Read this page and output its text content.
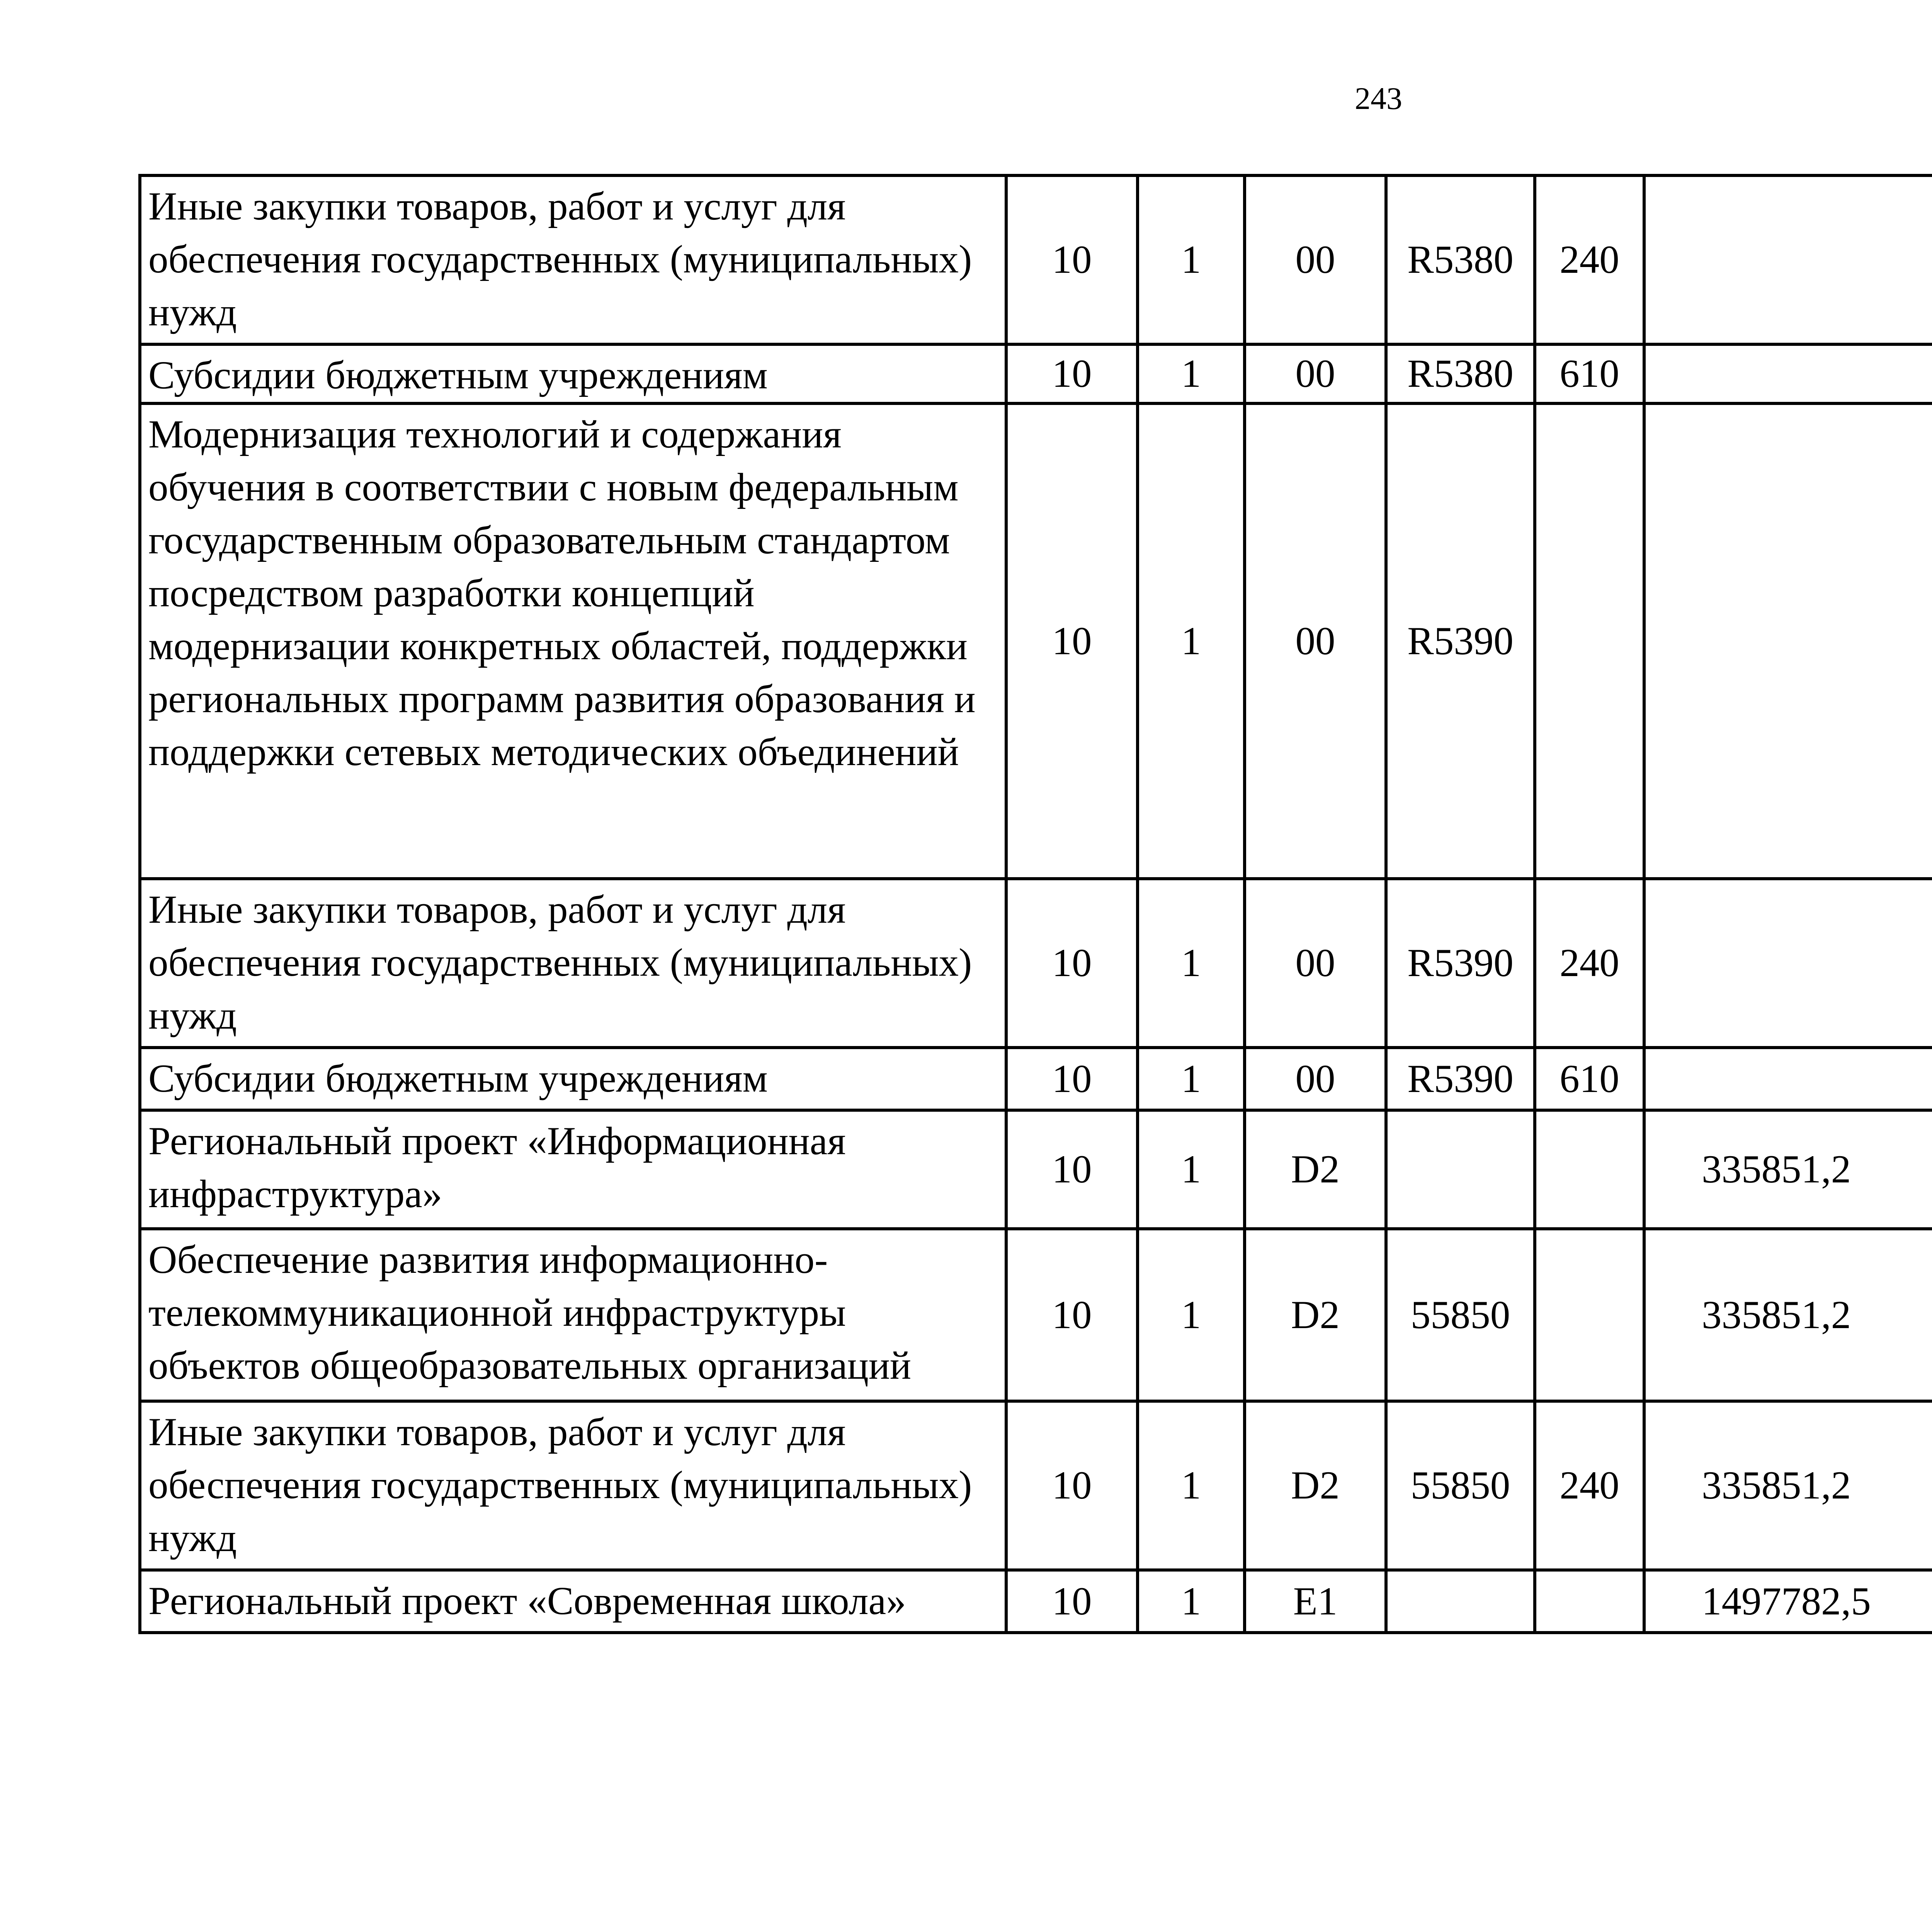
243
Иные закупки товаров, работ и услуг для обеспечения государственных (муниципальных) нужд	10	1	00	R5380	240			
Субсидии бюджетным учреждениям	10	1	00	R5380	610			
Модернизация технологий и содержания обучения в соответствии с новым федеральным государственным образовательным стандартом посредством разработки концепций модернизации конкретных областей, поддержки региональных программ развития образования и поддержки сетевых методических объединений	10	1	00	R5390				
Иные закупки товаров, работ и услуг для обеспечения государственных (муниципальных) нужд	10	1	00	R5390	240			
Субсидии бюджетным учреждениям	10	1	00	R5390	610			
Региональный проект «Информационная инфраструктура»	10	1	D2			335851,2		
Обеспечение развития информационно-телекоммуникационной инфраструктуры объектов общеобразовательных организаций	10	1	D2	55850		335851,2		
Иные закупки товаров, работ и услуг для обеспечения государственных (муниципальных) нужд	10	1	D2	55850	240	335851,2		
Региональный проект «Современная школа»	10	1	E1			1497782,5		
